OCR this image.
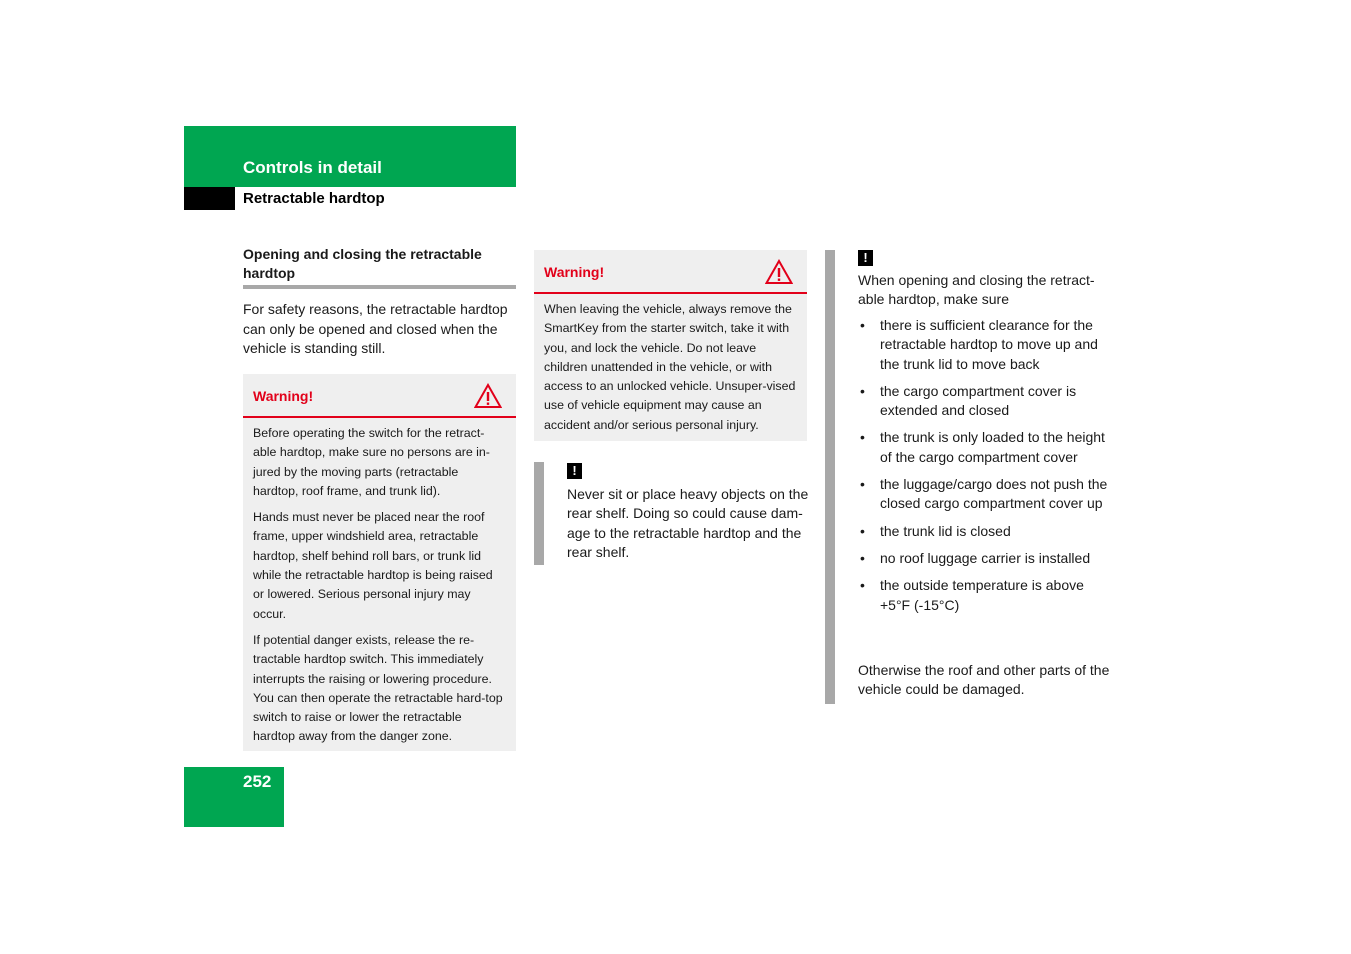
Controls in detail
Retractable hardtop
Opening and closing the retractable hardtop
For safety reasons, the retractable hardtop can only be opened and closed when the vehicle is standing still.
Warning!

Before operating the switch for the retract-able hardtop, make sure no persons are in-jured by the moving parts (retractable hardtop, roof frame, and trunk lid).

Hands must never be placed near the roof frame, upper windshield area, retractable hardtop, shelf behind roll bars, or trunk lid while the retractable hardtop is being raised or lowered. Serious personal injury may occur.

If potential danger exists, release the re-tractable hardtop switch. This immediately interrupts the raising or lowering procedure. You can then operate the retractable hard-top switch to raise or lower the retractable hardtop away from the danger zone.

Warning!

When leaving the vehicle, always remove the SmartKey from the starter switch, take it with you, and lock the vehicle. Do not leave children unattended in the vehicle, or with access to an unlocked vehicle. Unsuper-vised use of vehicle equipment may cause an accident and/or serious personal injury.

!
Never sit or place heavy objects on the rear shelf. Doing so could cause dam-age to the retractable hardtop and the rear shelf.
!
When opening and closing the retract-able hardtop, make sure
• there is sufficient clearance for the retractable hardtop to move up and the trunk lid to move back
• the cargo compartment cover is extended and closed
• the trunk is only loaded to the height of the cargo compartment cover
• the luggage/cargo does not push the closed cargo compartment cover up
• the trunk lid is closed
• no roof luggage carrier is installed
• the outside temperature is above +5°F (-15°C)
Otherwise the roof and other parts of the vehicle could be damaged.
252
